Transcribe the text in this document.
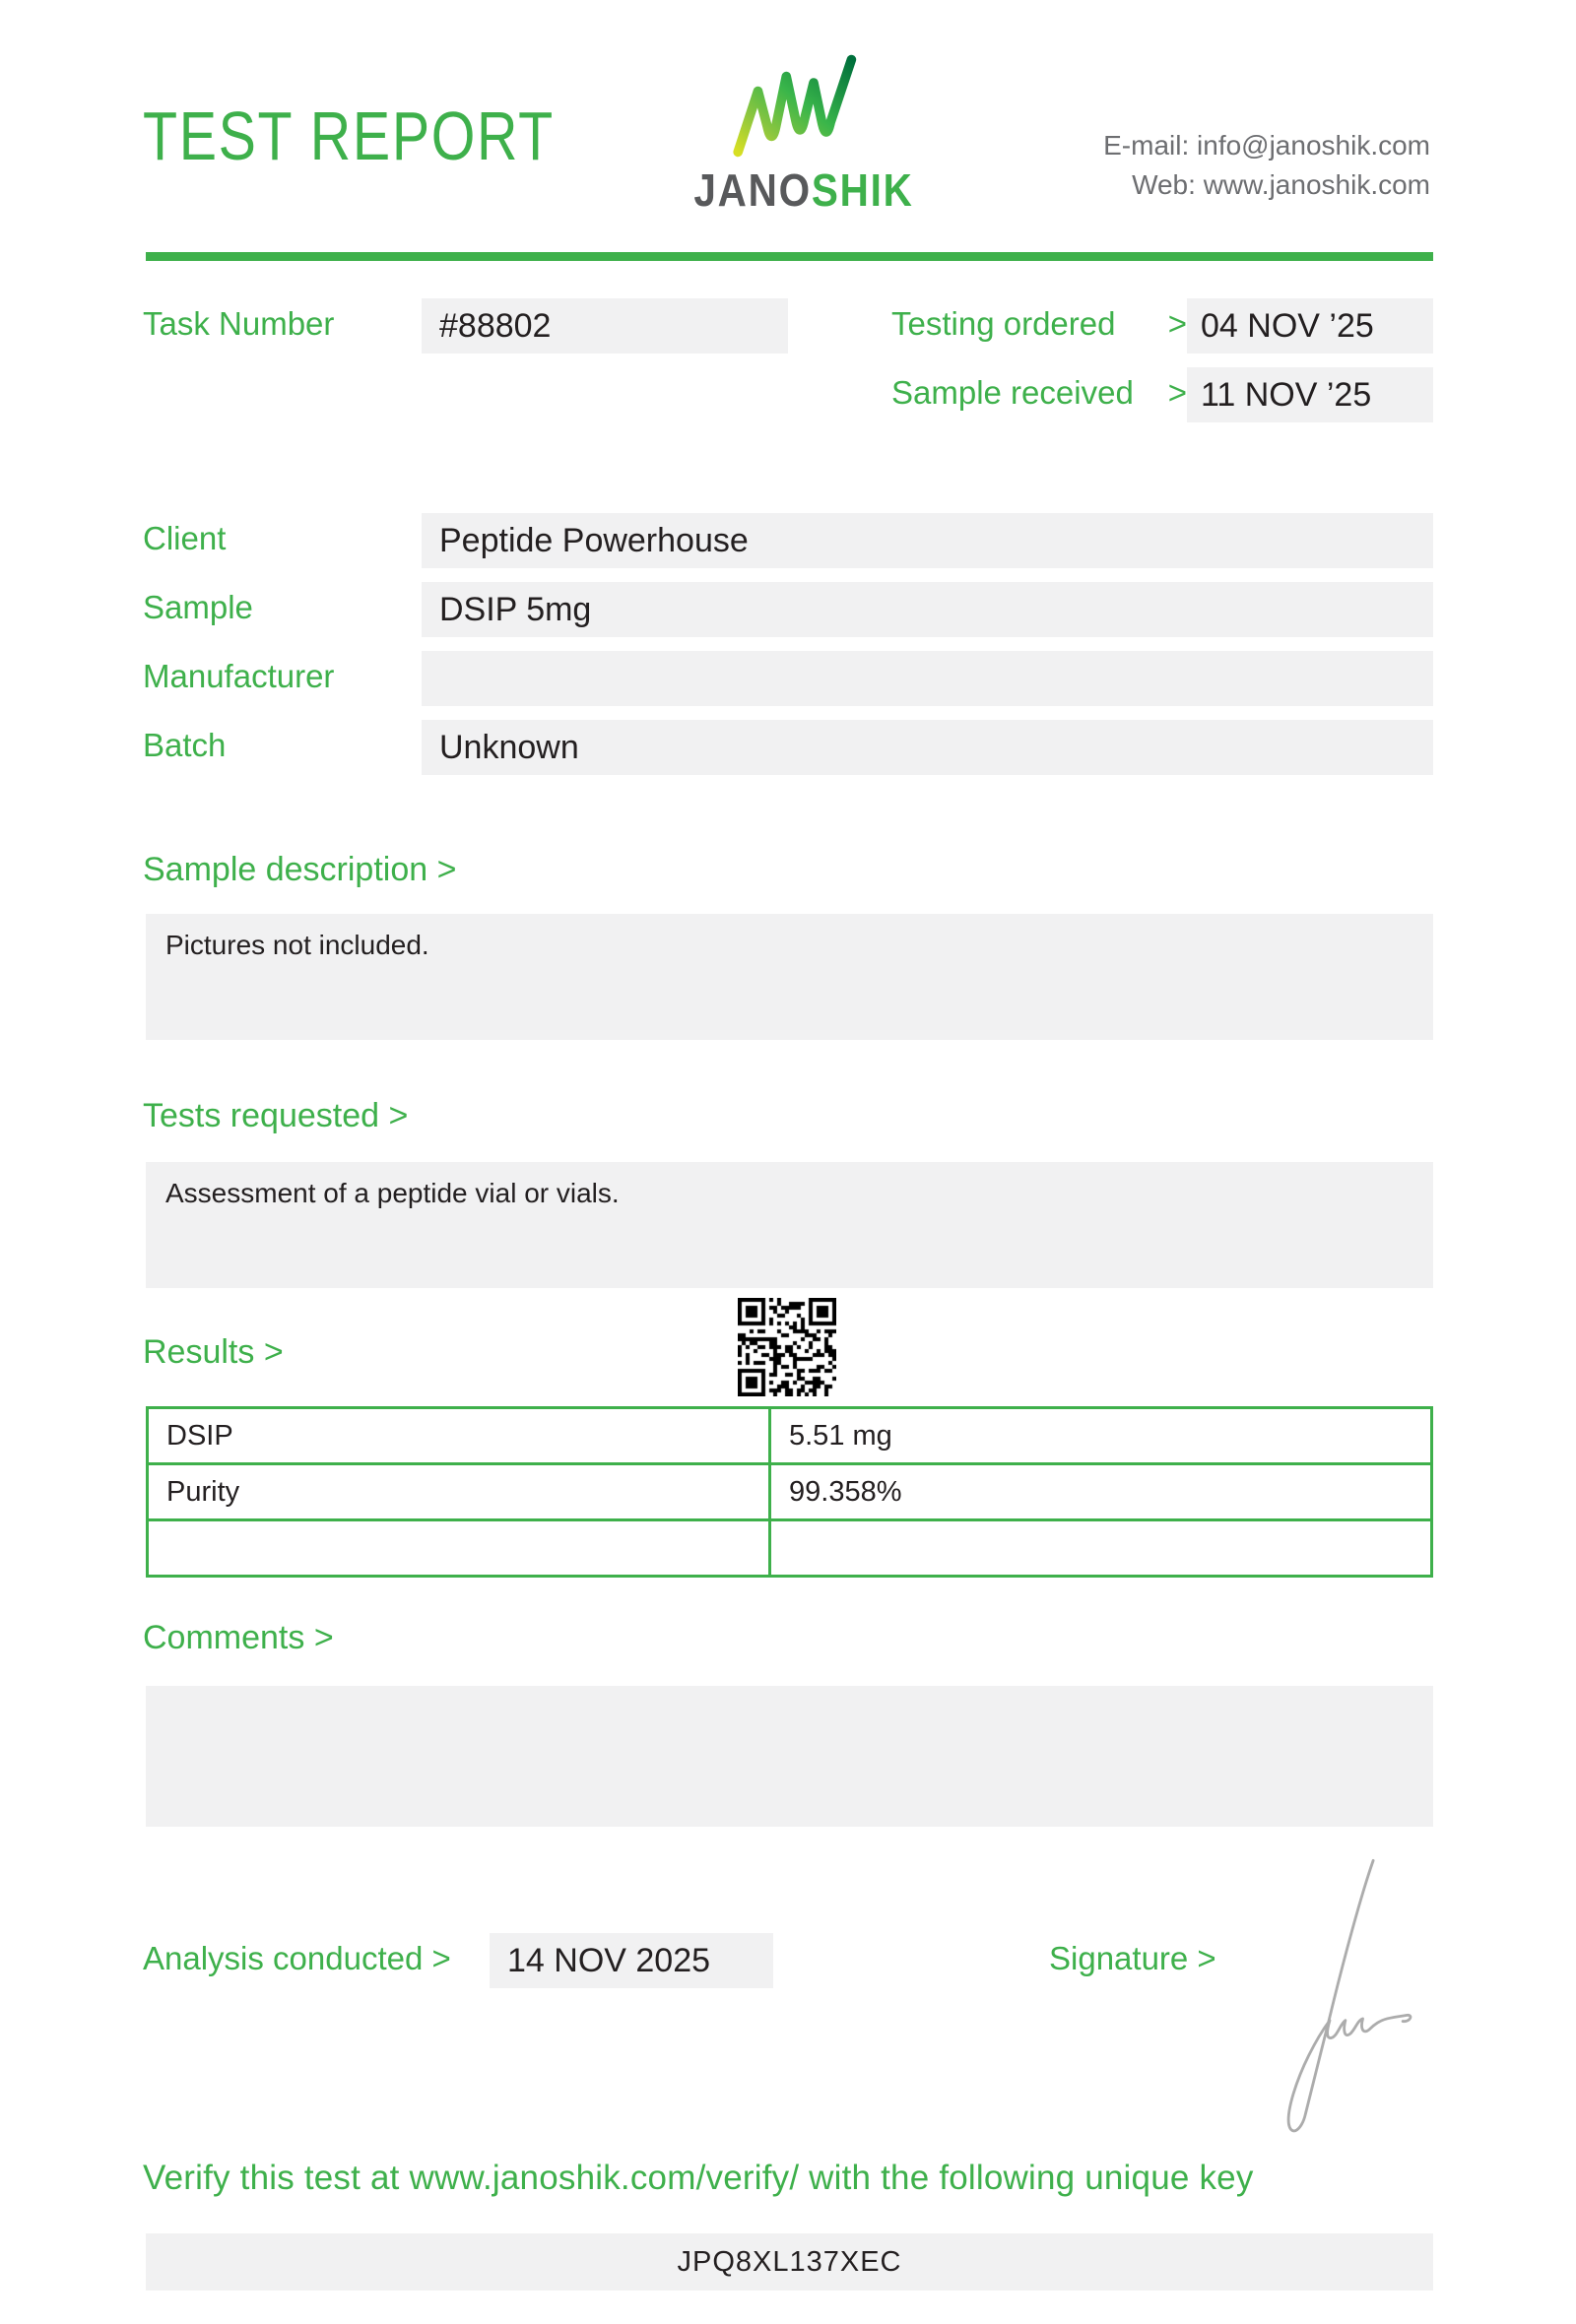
TEST REPORT
JANOSHIK
E-mail: info@janoshik.com
Web: www.janoshik.com
Task Number	#88802	Testing ordered > 04 NOV ’25
Sample received > 11 NOV ’25
Client	Peptide Powerhouse
Sample	DSIP 5mg
Manufacturer
Batch	Unknown
Sample description >
Pictures not included.
Tests requested >
Assessment of a peptide vial or vials.
Results >
DSIP	5.51 mg
Purity	99.358%

Comments >
Analysis conducted >	14 NOV 2025	Signature >
Verify this test at www.janoshik.com/verify/ with the following unique key
JPQ8XL137XEC
